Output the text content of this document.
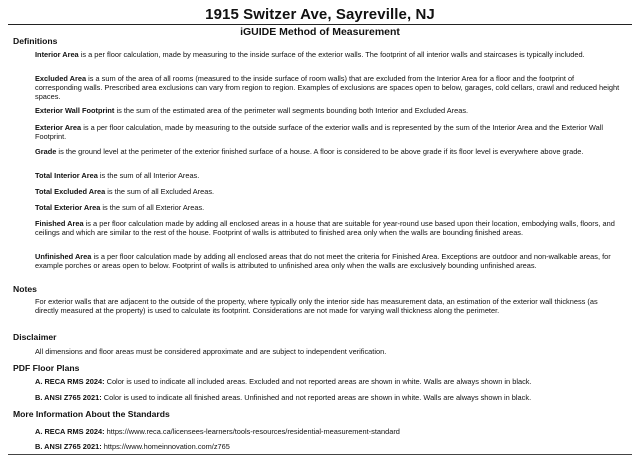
1915 Switzer Ave, Sayreville, NJ
iGUIDE Method of Measurement
Definitions
Interior Area is a per floor calculation, made by measuring to the inside surface of the exterior walls. The footprint of all interior walls and staircases is typically included.
Excluded Area is a sum of the area of all rooms (measured to the inside surface of room walls) that are excluded from the Interior Area for a floor and the footprint of corresponding walls. Prescribed area exclusions can vary from region to region. Examples of exclusions are spaces open to below, garages, cold cellars, crawl and reduced height spaces.
Exterior Wall Footprint is the sum of the estimated area of the perimeter wall segments bounding both Interior and Excluded Areas.
Exterior Area is a per floor calculation, made by measuring to the outside surface of the exterior walls and is represented by the sum of the Interior Area and the Exterior Wall Footprint.
Grade is the ground level at the perimeter of the exterior finished surface of a house. A floor is considered to be above grade if its floor level is everywhere above grade.
Total Interior Area is the sum of all Interior Areas.
Total Excluded Area is the sum of all Excluded Areas.
Total Exterior Area is the sum of all Exterior Areas.
Finished Area is a per floor calculation made by adding all enclosed areas in a house that are suitable for year-round use based upon their location, embodying walls, floors, and ceilings and which are similar to the rest of the house. Footprint of walls is attributed to finished area only when the walls are bounding finished areas.
Unfinished Area is a per floor calculation made by adding all enclosed areas that do not meet the criteria for Finished Area. Exceptions are outdoor and non-walkable areas, for example porches or areas open to below. Footprint of walls is attributed to unfinished area only when the walls are exclusively bounding unfinished areas.
Notes
For exterior walls that are adjacent to the outside of the property, where typically only the interior side has measurement data, an estimation of the exterior wall thickness (as directly measured at the property) is used to calculate its footprint. Considerations are not made for varying wall thickness along the perimeter.
Disclaimer
All dimensions and floor areas must be considered approximate and are subject to independent verification.
PDF Floor Plans
A. RECA RMS 2024: Color is used to indicate all included areas. Excluded and not reported areas are shown in white. Walls are always shown in black.
B. ANSI Z765 2021: Color is used to indicate all finished areas. Unfinished and not reported areas are shown in white. Walls are always shown in black.
More Information About the Standards
A. RECA RMS 2024: https://www.reca.ca/licensees-learners/tools-resources/residential-measurement-standard
B. ANSI Z765 2021: https://www.homeinnovation.com/z765
